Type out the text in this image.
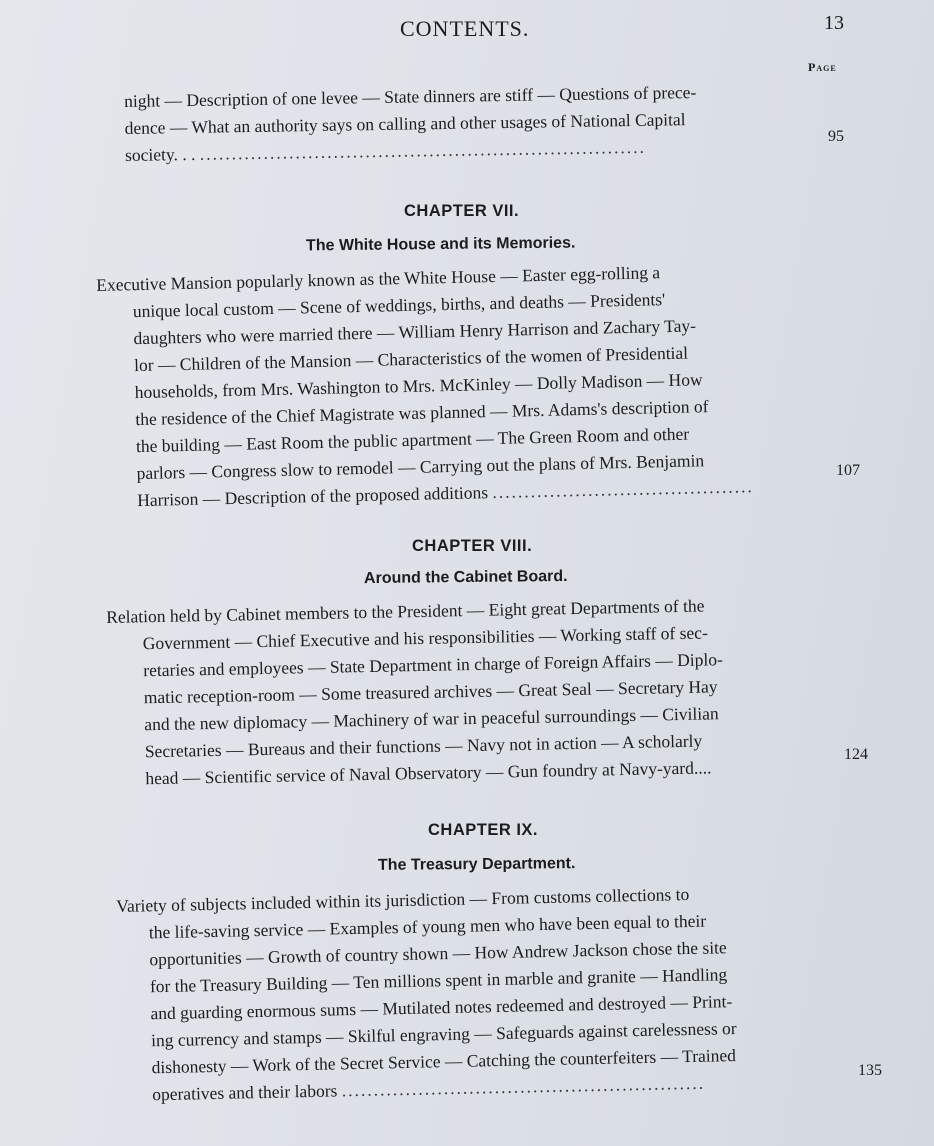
CONTENTS.	13
Page
night — Description of one levee — State dinners are stiff — Questions of prece-
dence — What an authority says on calling and other usages of National Capital
society. . . ......................................................................
95
CHAPTER VII.
The White House and its Memories.
Executive Mansion popularly known as the White House — Easter egg-rolling a
unique local custom — Scene of weddings, births, and deaths — Presidents'
daughters who were married there — William Henry Harrison and Zachary Tay-
lor — Children of the Mansion — Characteristics of the women of Presidential
households, from Mrs. Washington to Mrs. McKinley — Dolly Madison — How
the residence of the Chief Magistrate was planned — Mrs. Adams's description of
the building — East Room the public apartment — The Green Room and other
parlors — Congress slow to remodel — Carrying out the plans of Mrs. Benjamin
Harrison — Description of the proposed additions .........................................
107
CHAPTER VIII.
Around the Cabinet Board.
Relation held by Cabinet members to the President — Eight great Departments of the
Government — Chief Executive and his responsibilities — Working staff of sec-
retaries and employees — State Department in charge of Foreign Affairs — Diplo-
matic reception-room — Some treasured archives — Great Seal — Secretary Hay
and the new diplomacy — Machinery of war in peaceful surroundings — Civilian
Secretaries — Bureaus and their functions — Navy not in action — A scholarly
head — Scientific service of Naval Observatory — Gun foundry at Navy-yard....
124
CHAPTER IX.
The Treasury Department.
Variety of subjects included within its jurisdiction — From customs collections to
the life-saving service — Examples of young men who have been equal to their
opportunities — Growth of country shown — How Andrew Jackson chose the site
for the Treasury Building — Ten millions spent in marble and granite — Handling
and guarding enormous sums — Mutilated notes redeemed and destroyed — Print-
ing currency and stamps — Skilful engraving — Safeguards against carelessness or
dishonesty — Work of the Secret Service — Catching the counterfeiters — Trained
operatives and their labors .........................................................
135
